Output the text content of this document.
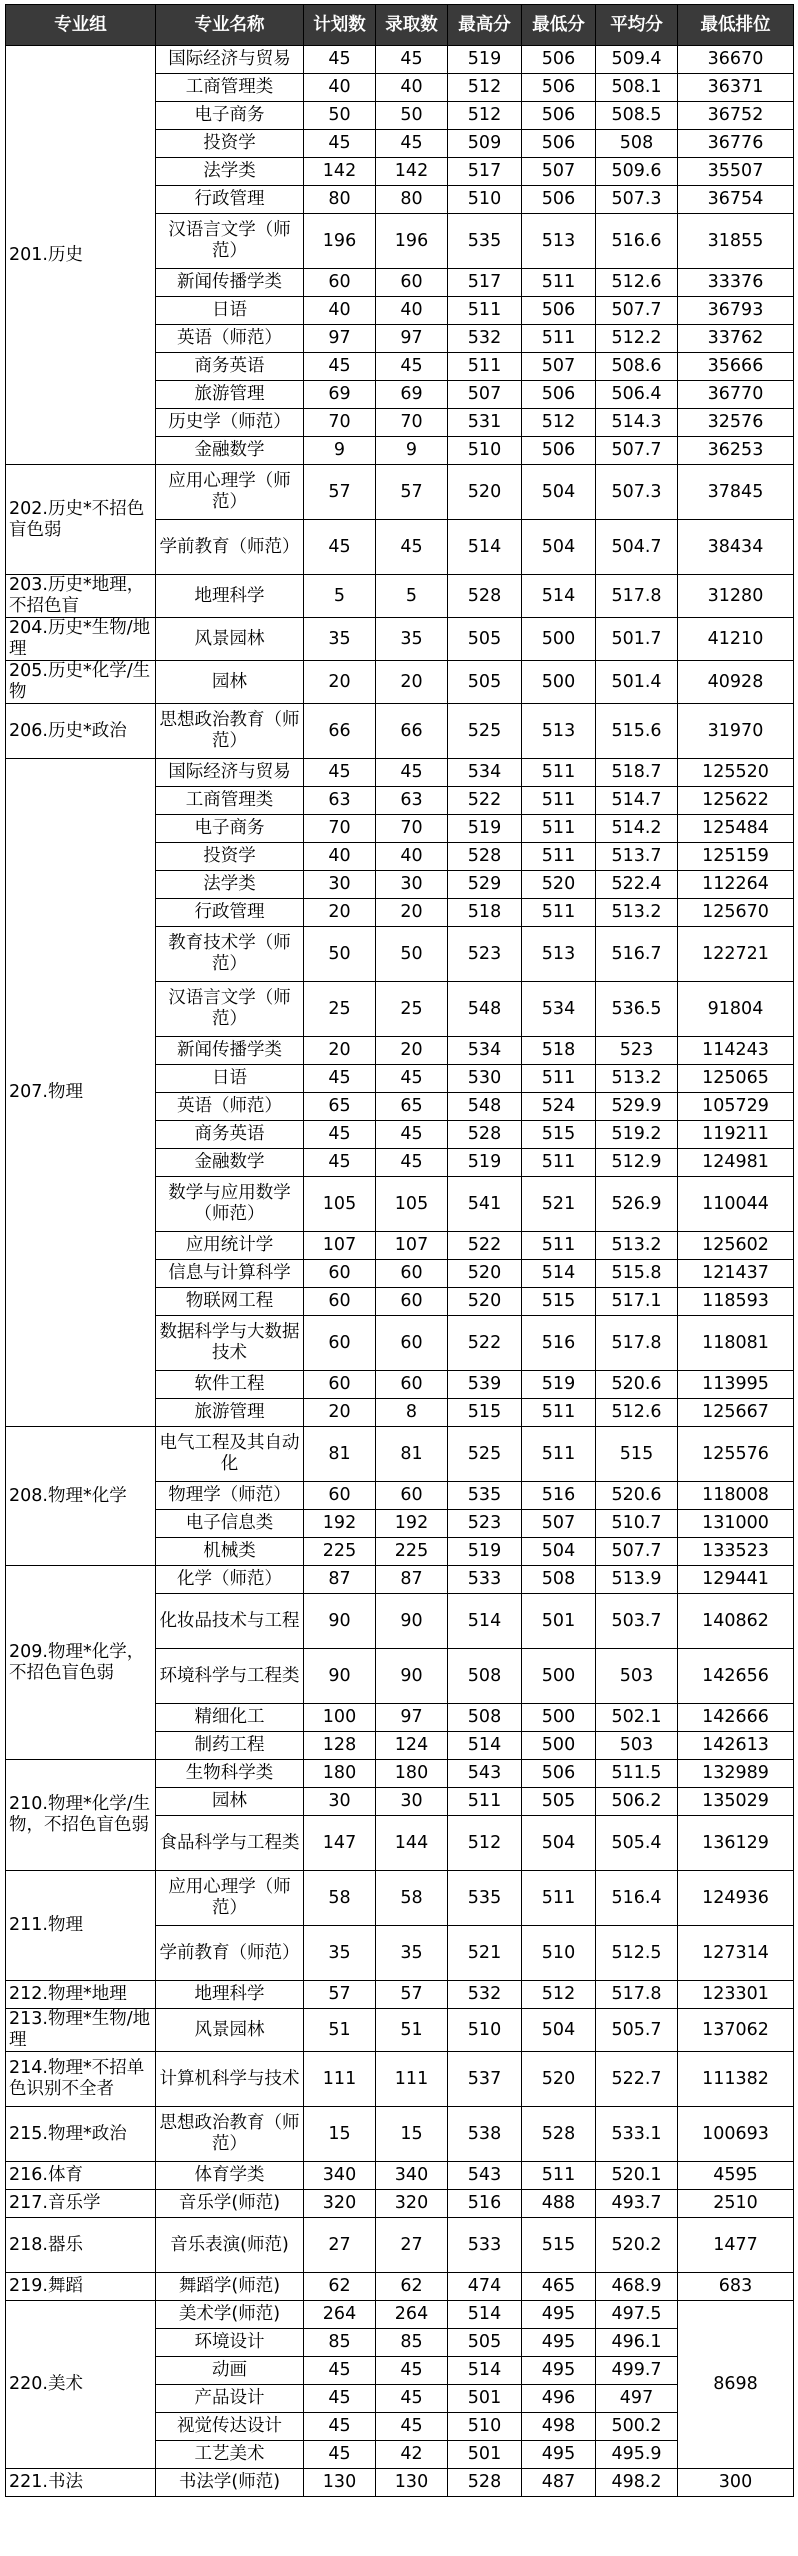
专业组	专业名称	计划数	录取数	最高分	最低分	平均分	最低排位
201.历史	国际经济与贸易	45	45	519	506	509.4	36670
	工商管理类	40	40	512	506	508.1	36371
	电子商务	50	50	512	506	508.5	36752
	投资学	45	45	509	506	508	36776
	法学类	142	142	517	507	509.6	35507
	行政管理	80	80	510	506	507.3	36754
	汉语言文学（师范）	196	196	535	513	516.6	31855
	新闻传播学类	60	60	517	511	512.6	33376
	日语	40	40	511	506	507.7	36793
	英语（师范）	97	97	532	511	512.2	33762
	商务英语	45	45	511	507	508.6	35666
	旅游管理	69	69	507	506	506.4	36770
	历史学（师范）	70	70	531	512	514.3	32576
	金融数学	9	9	510	506	507.7	36253
202.历史*不招色盲色弱	应用心理学（师范）	57	57	520	504	507.3	37845
	学前教育（师范）	45	45	514	504	504.7	38434
203.历史*地理，不招色盲	地理科学	5	5	528	514	517.8	31280
204.历史*生物/地理	风景园林	35	35	505	500	501.7	41210
205.历史*化学/生物	园林	20	20	505	500	501.4	40928
206.历史*政治	思想政治教育（师范）	66	66	525	513	515.6	31970
207.物理	国际经济与贸易	45	45	534	511	518.7	125520
	工商管理类	63	63	522	511	514.7	125622
	电子商务	70	70	519	511	514.2	125484
	投资学	40	40	528	511	513.7	125159
	法学类	30	30	529	520	522.4	112264
	行政管理	20	20	518	511	513.2	125670
	教育技术学（师范）	50	50	523	513	516.7	122721
	汉语言文学（师范）	25	25	548	534	536.5	91804
	新闻传播学类	20	20	534	518	523	114243
	日语	45	45	530	511	513.2	125065
	英语（师范）	65	65	548	524	529.9	105729
	商务英语	45	45	528	515	519.2	119211
	金融数学	45	45	519	511	512.9	124981
	数学与应用数学（师范）	105	105	541	521	526.9	110044
	应用统计学	107	107	522	511	513.2	125602
	信息与计算科学	60	60	520	514	515.8	121437
	物联网工程	60	60	520	515	517.1	118593
	数据科学与大数据技术	60	60	522	516	517.8	118081
	软件工程	60	60	539	519	520.6	113995
	旅游管理	20	8	515	511	512.6	125667
208.物理*化学	电气工程及其自动化	81	81	525	511	515	125576
	物理学（师范）	60	60	535	516	520.6	118008
	电子信息类	192	192	523	507	510.7	131000
	机械类	225	225	519	504	507.7	133523
209.物理*化学，不招色盲色弱	化学（师范）	87	87	533	508	513.9	129441
	化妆品技术与工程	90	90	514	501	503.7	140862
	环境科学与工程类	90	90	508	500	503	142656
	精细化工	100	97	508	500	502.1	142666
	制药工程	128	124	514	500	503	142613
210.物理*化学/生物，不招色盲色弱	生物科学类	180	180	543	506	511.5	132989
	园林	30	30	511	505	506.2	135029
	食品科学与工程类	147	144	512	504	505.4	136129
211.物理	应用心理学（师范）	58	58	535	511	516.4	124936
	学前教育（师范）	35	35	521	510	512.5	127314
212.物理*地理	地理科学	57	57	532	512	517.8	123301
213.物理*生物/地理	风景园林	51	51	510	504	505.7	137062
214.物理*不招单色识别不全者	计算机科学与技术	111	111	537	520	522.7	111382
215.物理*政治	思想政治教育（师范）	15	15	538	528	533.1	100693
216.体育	体育学类	340	340	543	511	520.1	4595
217.音乐学	音乐学(师范)	320	320	516	488	493.7	2510
218.器乐	音乐表演(师范)	27	27	533	515	520.2	1477
219.舞蹈	舞蹈学(师范)	62	62	474	465	468.9	683
220.美术	美术学(师范)	264	264	514	495	497.5	8698
	环境设计	85	85	505	495	496.1	
	动画	45	45	514	495	499.7	
	产品设计	45	45	501	496	497	
	视觉传达设计	45	45	510	498	500.2	
	工艺美术	45	42	501	495	495.9	
221.书法	书法学(师范)	130	130	528	487	498.2	300
